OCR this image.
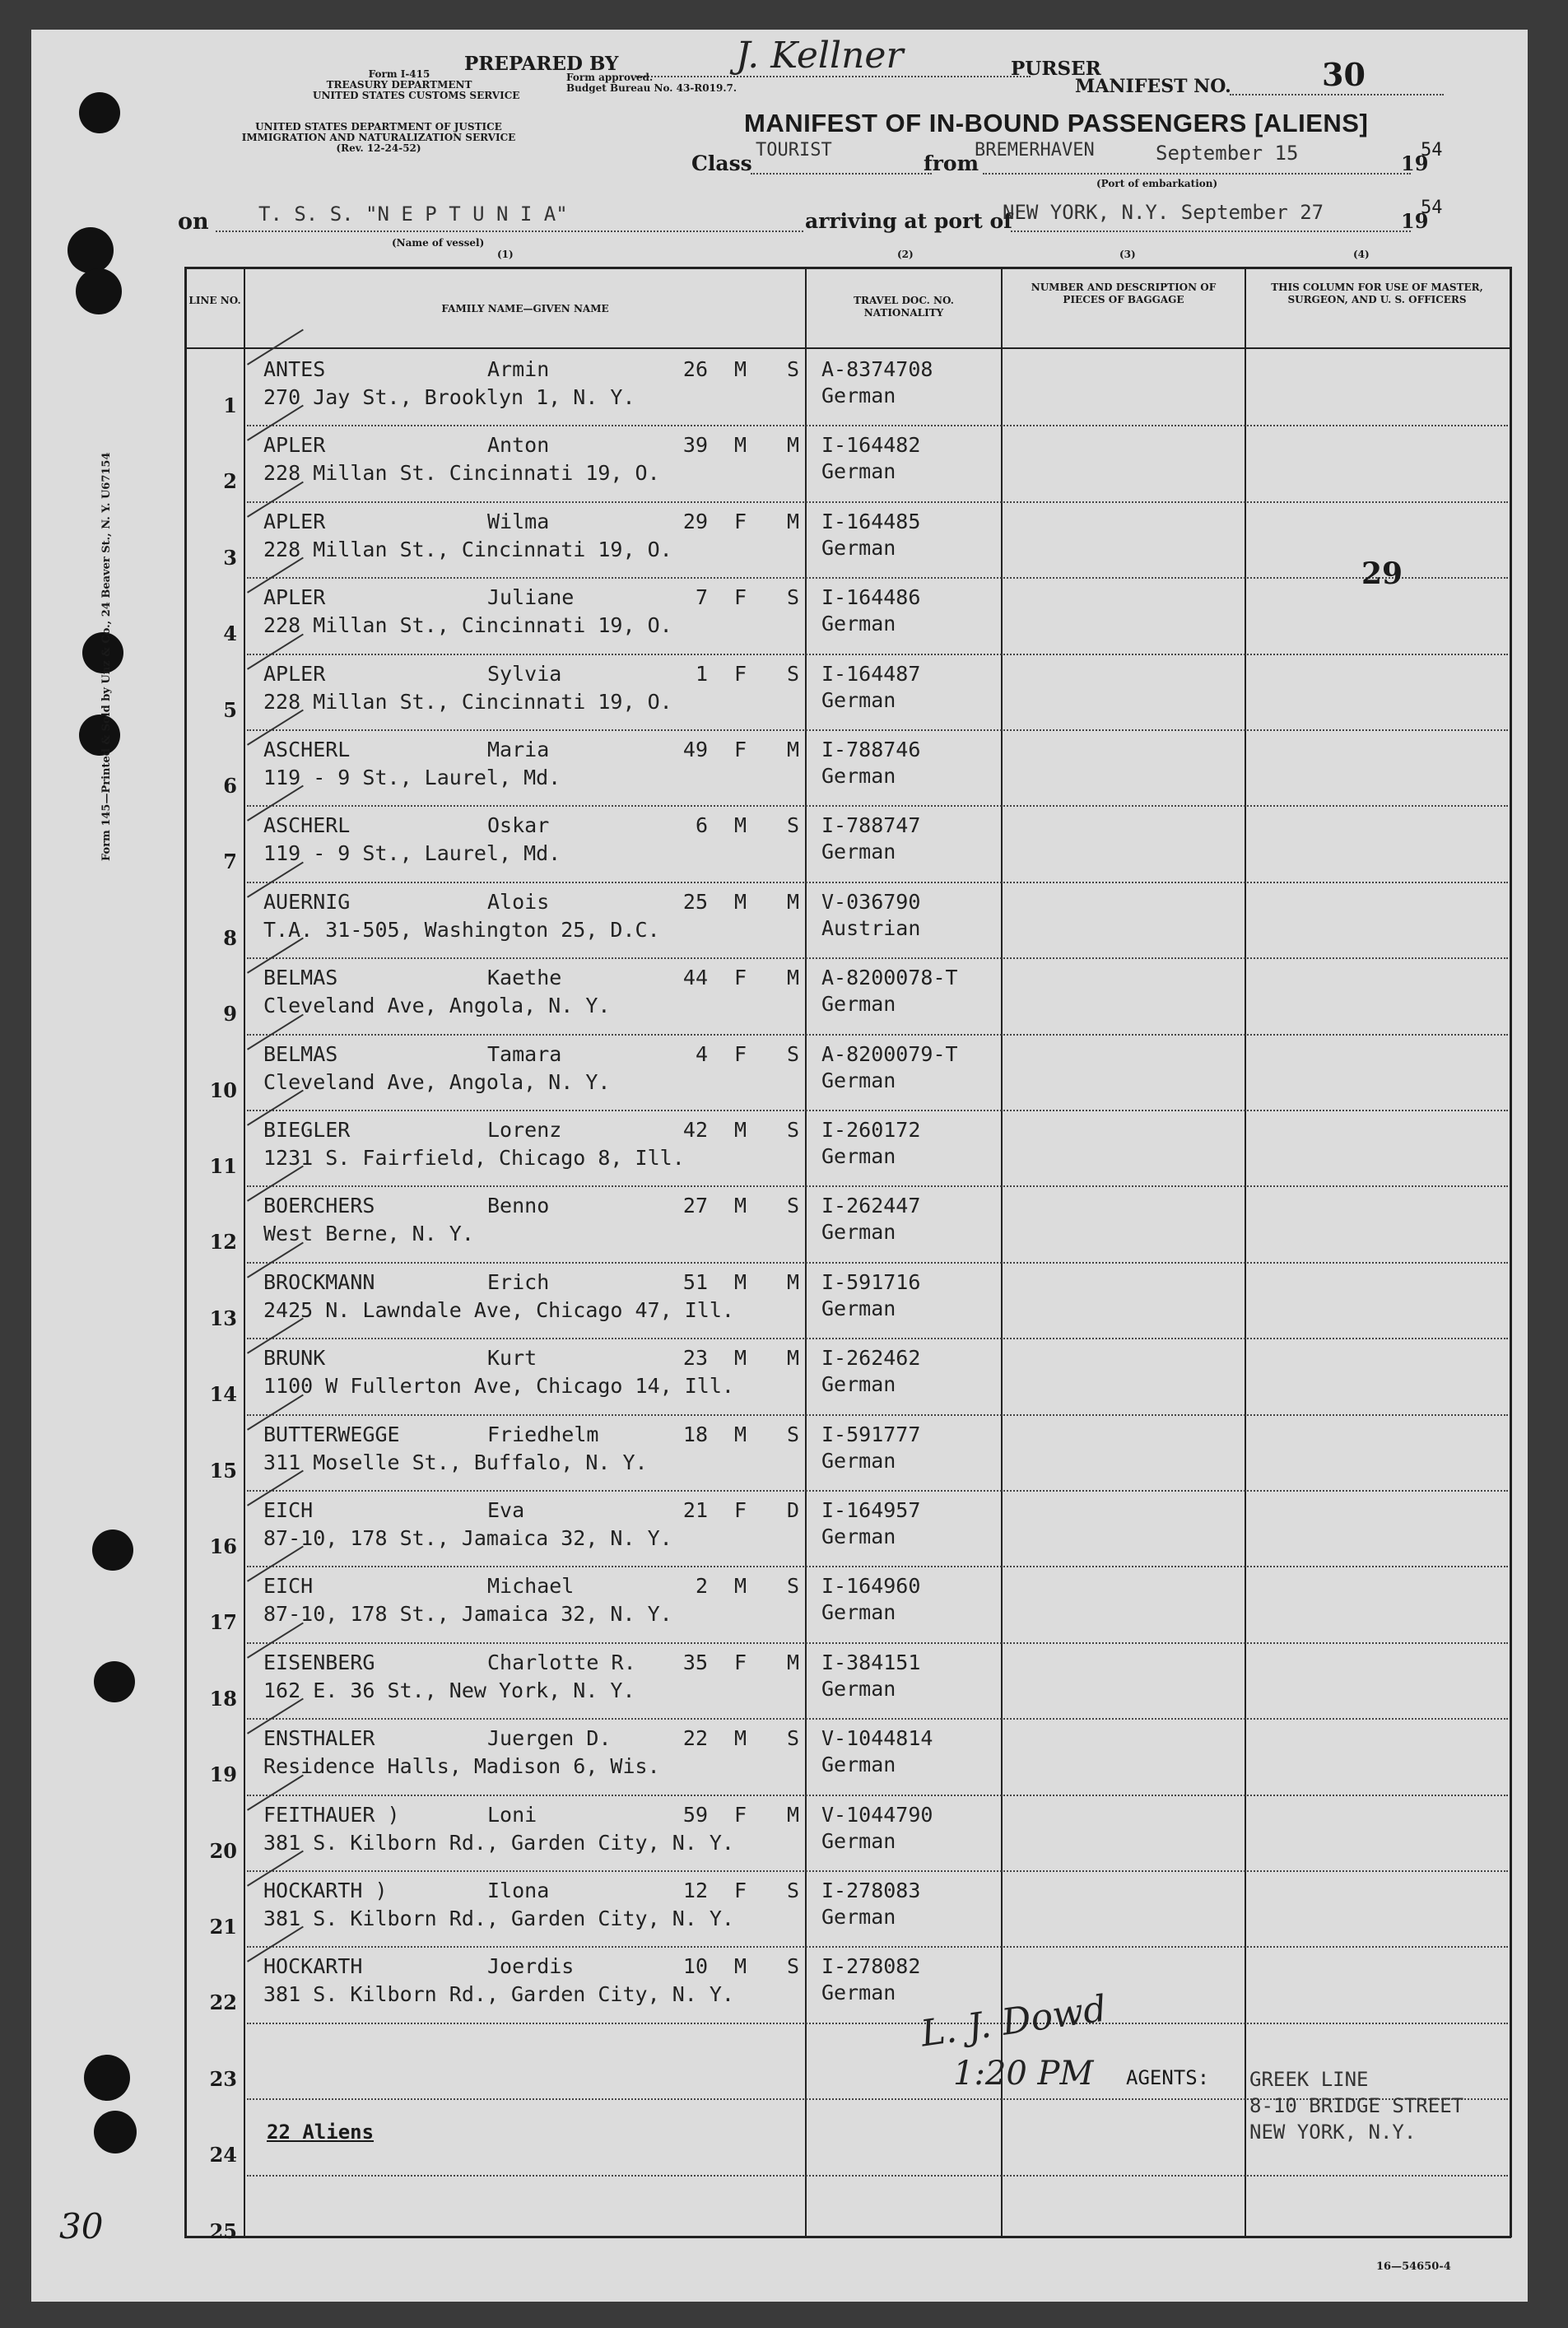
Form 145—Printed & Sold by Unz & Co., 24 Beaver St., N. Y. U67154
Form I-415
TREASURY DEPARTMENT
UNITED STATES CUSTOMS SERVICE
UNITED STATES DEPARTMENT OF JUSTICE
IMMIGRATION AND NATURALIZATION SERVICE
(Rev. 12-24-52)
PREPARED BY	J. Kellner
Form approved.
Budget Bureau No. 43-R019.7.
PURSER
MANIFEST NO.	30
MANIFEST OF IN-BOUND PASSENGERS [ALIENS]
Class
TOURIST
from
BREMERHAVEN	September 15	19
54
(Port of embarkation)
on	T. S. S. "N E P T U N I A"
(Name of vessel)
(1)
arriving at port of
NEW YORK, N.Y. September 27	19
54
(2)	(3)	(4)
LINE NO.
FAMILY NAME—GIVEN NAME
TRAVEL DOC. NO. NATIONALITY
NUMBER AND DESCRIPTION OF PIECES OF BAGGAGE
THIS COLUMN FOR USE OF MASTER, SURGEON, AND U. S. OFFICERS
1
ANTES	Armin	26 M S
270 Jay St., Brooklyn 1, N. Y.
A-8374708
German
2
APLER	Anton	39 M M
228 Millan St. Cincinnati 19, O.
I-164482
German
3
APLER	Wilma	29 F M
228 Millan St., Cincinnati 19, O.
I-164485
German
4
APLER	Juliane	7 F S
228 Millan St., Cincinnati 19, O.
I-164486
German
5
APLER	Sylvia	1 F S
228 Millan St., Cincinnati 19, O.
I-164487
German
6
ASCHERL	Maria	49 F M
119 - 9 St., Laurel, Md.
I-788746
German
7
ASCHERL	Oskar	6 M S
119 - 9 St., Laurel, Md.
I-788747
German
8
AUERNIG	Alois	25 M M
T.A. 31-505, Washington 25, D.C.
V-036790
Austrian
9
BELMAS	Kaethe	44 F M
Cleveland Ave, Angola, N. Y.
A-8200078-T
German
10
BELMAS	Tamara	4 F S
Cleveland Ave, Angola, N. Y.
A-8200079-T
German
11
BIEGLER	Lorenz	42 M S
1231 S. Fairfield, Chicago 8, Ill.
I-260172
German
12
BOERCHERS	Benno	27 M S
West Berne, N. Y.
I-262447
German
13
BROCKMANN	Erich	51 M M
2425 N. Lawndale Ave, Chicago 47, Ill.
I-591716
German
14
BRUNK	Kurt	23 M M
1100 W Fullerton Ave, Chicago 14, Ill.
I-262462
German
15
BUTTERWEGGE	Friedhelm	18 M S
311 Moselle St., Buffalo, N. Y.
I-591777
German
16
EICH	Eva	21 F D
87-10, 178 St., Jamaica 32, N. Y.
I-164957
German
17
EICH	Michael	2 M S
87-10, 178 St., Jamaica 32, N. Y.
I-164960
German
18
EISENBERG	Charlotte R.	35 F M
162 E. 36 St., New York, N. Y.
I-384151
German
19
ENSTHALER	Juergen D.	22 M S
Residence Halls, Madison 6, Wis.
V-1044814
German
20
FEITHAUER )	Loni	59 F M
381 S. Kilborn Rd., Garden City, N. Y.
V-1044790
German
21
HOCKARTH )	Ilona	12 F S
381 S. Kilborn Rd., Garden City, N. Y.
I-278083
German
22
HOCKARTH	Joerdis	10 M S
381 S. Kilborn Rd., Garden City, N. Y.
I-278082
German
23
24
25
29
22 Aliens
L. J. Dowd
1:20 PM AGENTS: GREEK LINE
8-10 BRIDGE STREET
NEW YORK, N.Y.
30
16—54650-4
